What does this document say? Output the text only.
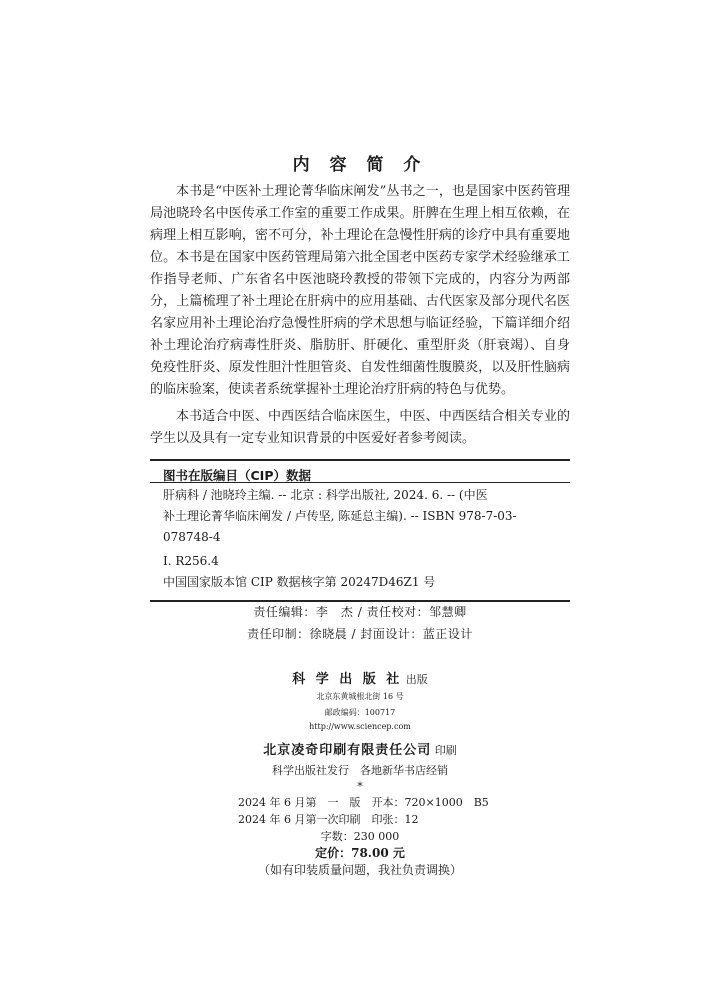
内 容 简 介

本书是“中医补土理论菁华临床阐发”丛书之一，也是国家中医药管理局池晓玲名中医传承工作室的重要工作成果。肝脾在生理上相互依赖，在病理上相互影响，密不可分，补土理论在急慢性肝病的诊疗中具有重要地位。本书是在国家中医药管理局第六批全国老中医药专家学术经验继承工作指导老师、广东省名中医池晓玲教授的带领下完成的，内容分为两部分，上篇梳理了补土理论在肝病中的应用基础、古代医家及部分现代名医名家应用补土理论治疗急慢性肝病的学术思想与临证经验，下篇详细介绍补土理论治疗病毒性肝炎、脂肪肝、肝硬化、重型肝炎（肝衰竭）、自身免疫性肝炎、原发性胆汁性胆管炎、自发性细菌性腹膜炎，以及肝性脑病的临床验案，使读者系统掌握补土理论治疗肝病的特色与优势。

本书适合中医、中西医结合临床医生，中医、中西医结合相关专业的学生以及具有一定专业知识背景的中医爱好者参考阅读。

图书在版编目（CIP）数据
肝病科 / 池晓玲主编. -- 北京 : 科学出版社, 2024. 6. -- (中医
补土理论菁华临床阐发 / 卢传坚, 陈延总主编). -- ISBN 978-7-03-
078748-4
Ⅰ. R256.4
中国国家版本馆 CIP 数据核字第 20247D46Z1 号
责任编辑：李　杰 / 责任校对：邹慧卿
责任印制：徐晓晨 / 封面设计：蓝正设计
科 学 出 版 社 出版
北京东黄城根北街 16 号
邮政编码：100717
http://www.sciencep.com
北京凌奇印刷有限责任公司 印刷
科学出版社发行　各地新华书店经销
*
2024 年 6 月第　一　版　开本：720×1000　B5
2024 年 6 月第一次印刷　印张：12
字数：230 000
定价：78.00 元
（如有印装质量问题，我社负责调换）
